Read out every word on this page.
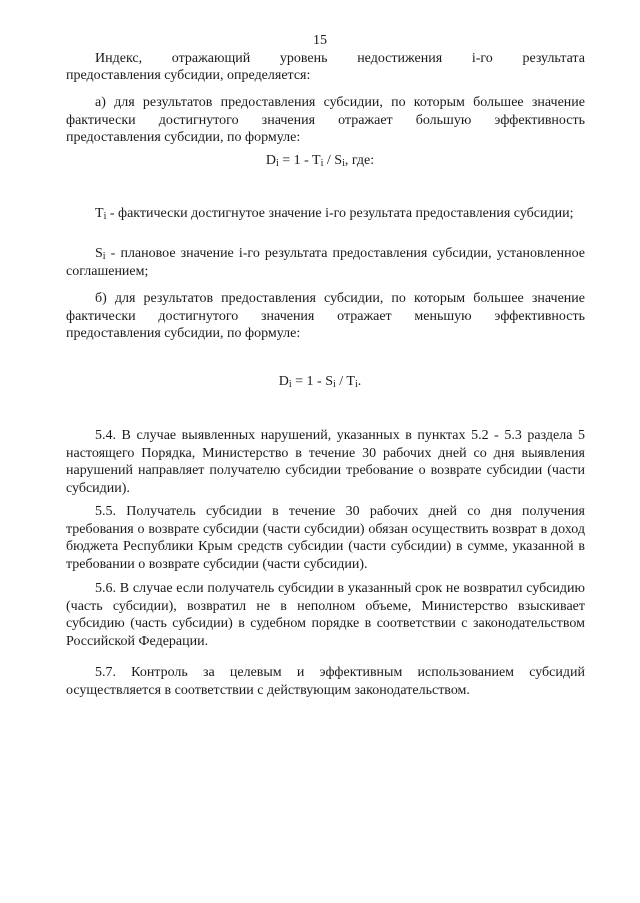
15
Индекс, отражающий уровень недостижения i-го результата

предоставления субсидии, определяется:

а) для результатов предоставления субсидии, по которым большее значение фактически достигнутого значения отражает большую эффективность предоставления субсидии, по формуле:

$D_i = 1 - T_i / S_i$, где:

$T_i$ - фактически достигнутое значение i-го результата предоставления субсидии;

$S_i$ - плановое значение i-го результата предоставления субсидии, установленное соглашением;

б) для результатов предоставления субсидии, по которым большее значение фактически достигнутого значения отражает меньшую эффективность предоставления субсидии, по формуле:

$D_i = 1 - S_i / T_i$.

5.4. В случае выявленных нарушений, указанных в пунктах 5.2 - 5.3 раздела 5 настоящего Порядка, Министерство в течение 30 рабочих дней со дня выявления нарушений направляет получателю субсидии требование о возврате субсидии (части субсидии).

5.5. Получатель субсидии в течение 30 рабочих дней со дня получения требования о возврате субсидии (части субсидии) обязан осуществить возврат в доход бюджета Республики Крым средств субсидии (части субсидии) в сумме, указанной в требовании о возврате субсидии (части субсидии).

5.6. В случае если получатель субсидии в указанный срок не возвратил субсидию (часть субсидии), возвратил не в неполном объеме, Министерство взыскивает субсидию (часть субсидии) в судебном порядке в соответствии с законодательством Российской Федерации.

5.7. Контроль за целевым и эффективным использованием субсидий осуществляется в соответствии с действующим законодательством.
